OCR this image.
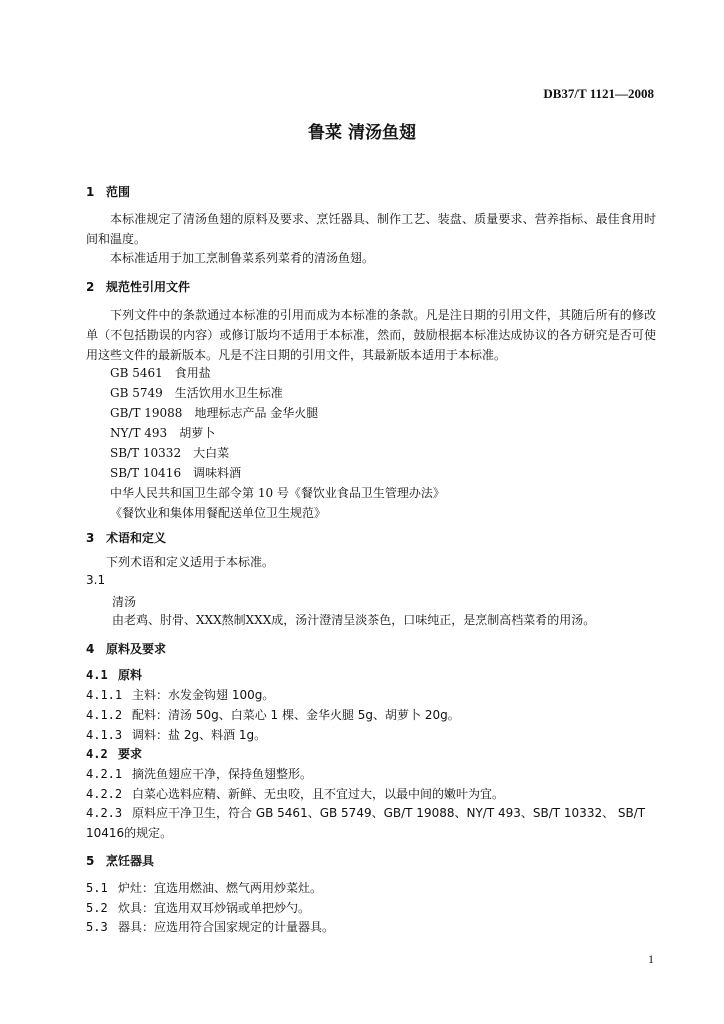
DB37/T 1121—2008
鲁菜 清汤鱼翅
1 范围
本标准规定了清汤鱼翅的原料及要求、烹饪器具、制作工艺、装盘、质量要求、营养指标、最佳食用时间和温度。
本标准适用于加工烹制鲁菜系列菜肴的清汤鱼翅。
2 规范性引用文件
下列文件中的条款通过本标准的引用而成为本标准的条款。凡是注日期的引用文件，其随后所有的修改单（不包括勘误的内容）或修订版均不适用于本标准，然而，鼓励根据本标准达成协议的各方研究是否可使用这些文件的最新版本。凡是不注日期的引用文件，其最新版本适用于本标准。
GB 5461　食用盐
GB 5749　生活饮用水卫生标准
GB/T 19088　地理标志产品 金华火腿
NY/T 493　胡萝卜
SB/T 10332　大白菜
SB/T 10416　调味料酒
中华人民共和国卫生部令第 10 号《餐饮业食品卫生管理办法》
《餐饮业和集体用餐配送单位卫生规范》
3 术语和定义
下列术语和定义适用于本标准。
3.1
清汤
由老鸡、肘骨、XXX熬制XXX成，汤汁澄清呈淡茶色，口味纯正，是烹制高档菜肴的用汤。
4 原料及要求
4.1 原料
4.1.1 主料：水发金钩翅 100g。
4.1.2 配料：清汤 50g、白菜心 1 棵、金华火腿 5g、胡萝卜 20g。
4.1.3 调料：盐 2g、料酒 1g。
4.2 要求
4.2.1 摘洗鱼翅应干净，保持鱼翅整形。
4.2.2 白菜心选料应精、新鲜、无虫咬，且不宜过大，以最中间的嫩叶为宜。
4.2.3 原料应干净卫生，符合 GB 5461、GB 5749、GB/T 19088、NY/T 493、SB/T 10332、 SB/T 10416的规定。
5 烹饪器具
5.1 炉灶：宜选用燃油、燃气两用炒菜灶。
5.2 炊具：宜选用双耳炒锅或单把炒勺。
5.3 器具：应选用符合国家规定的计量器具。
1
